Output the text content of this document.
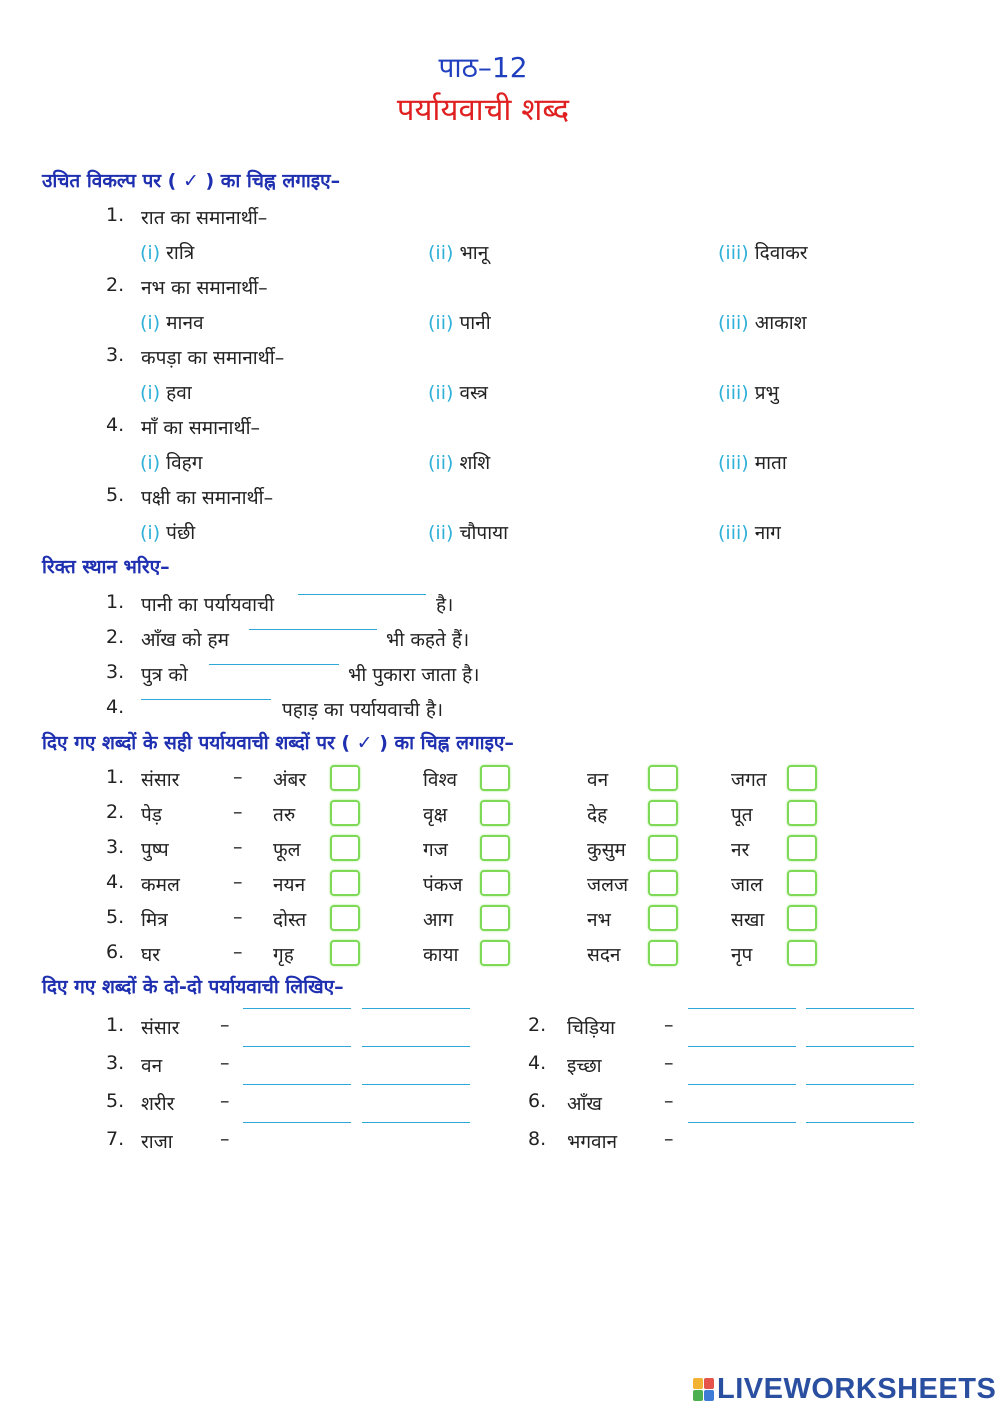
पाठ–12
पर्यायवाची शब्द
उचित विकल्प पर ( ✓ ) का चिह्न लगाइए–
1. रात का समानार्थी–
(i) रात्रि	(ii) भानू	(iii) दिवाकर
2. नभ का समानार्थी–
(i) मानव	(ii) पानी	(iii) आकाश
3. कपड़ा का समानार्थी–
(i) हवा	(ii) वस्त्र	(iii) प्रभु
4. माँ का समानार्थी–
(i) विहग	(ii) शशि	(iii) माता
5. पक्षी का समानार्थी–
(i) पंछी	(ii) चौपाया	(iii) नाग
रिक्त स्थान भरिए–
1. पानी का पर्यायवाची	है।
2. आँख को हम	भी कहते हैं।
3. पुत्र को	भी पुकारा जाता है।
4.	पहाड़ का पर्यायवाची है।
दिए गए शब्दों के सही पर्यायवाची शब्दों पर ( ✓ ) का चिह्न लगाइए–
1. संसार	– अंबर	विश्व	वन	जगत
2. पेड़	– तरु	वृक्ष	देह	पूत
3. पुष्प	– फूल	गज	कुसुम	नर
4. कमल	– नयन	पंकज	जलज	जाल
5. मित्र	– दोस्त	आग	नभ	सखा
6. घर	– गृह	काया	सदन	नृप
दिए गए शब्दों के दो-दो पर्यायवाची लिखिए–
1. संसार –	2. चिड़िया	–
3. वन	–	4. इच्छा	–
5. शरीर –	6. आँख	–
7. राजा –	8. भगवान –
LIVEWORKSHEETS
